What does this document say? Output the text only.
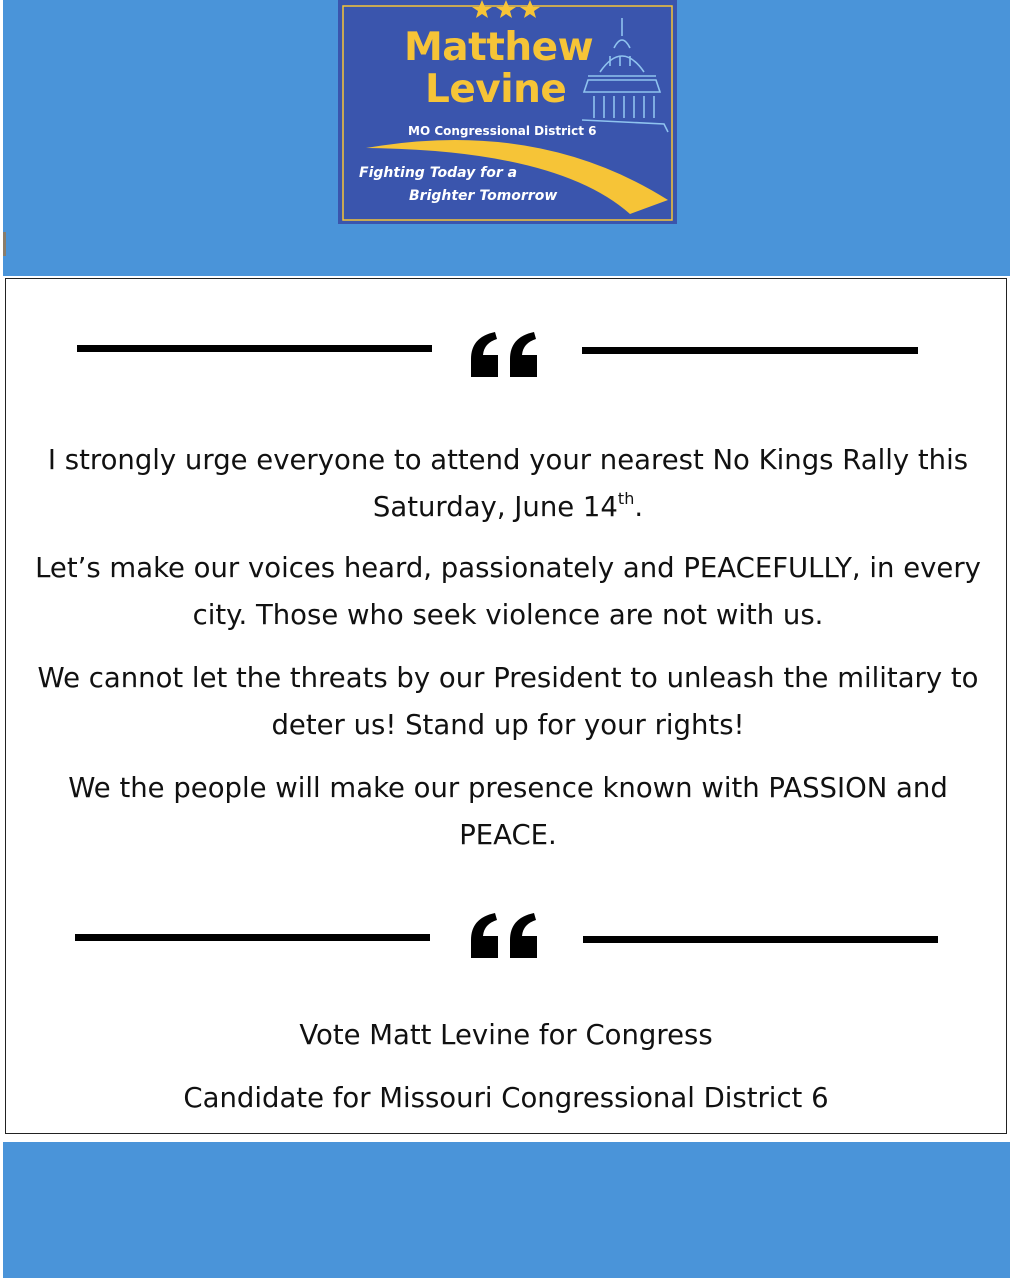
Matthew
Levine
MO Congressional District 6
Fighting Today for a
Brighter Tomorrow
I strongly urge everyone to attend your nearest No Kings Rally this Saturday, June 14th.
Let’s make our voices heard, passionately and PEACEFULLY, in every city. Those who seek violence are not with us.
We cannot let the threats by our President to unleash the military to deter us! Stand up for your rights!
We the people will make our presence known with PASSION and PEACE.
Vote Matt Levine for Congress
Candidate for Missouri Congressional District 6
